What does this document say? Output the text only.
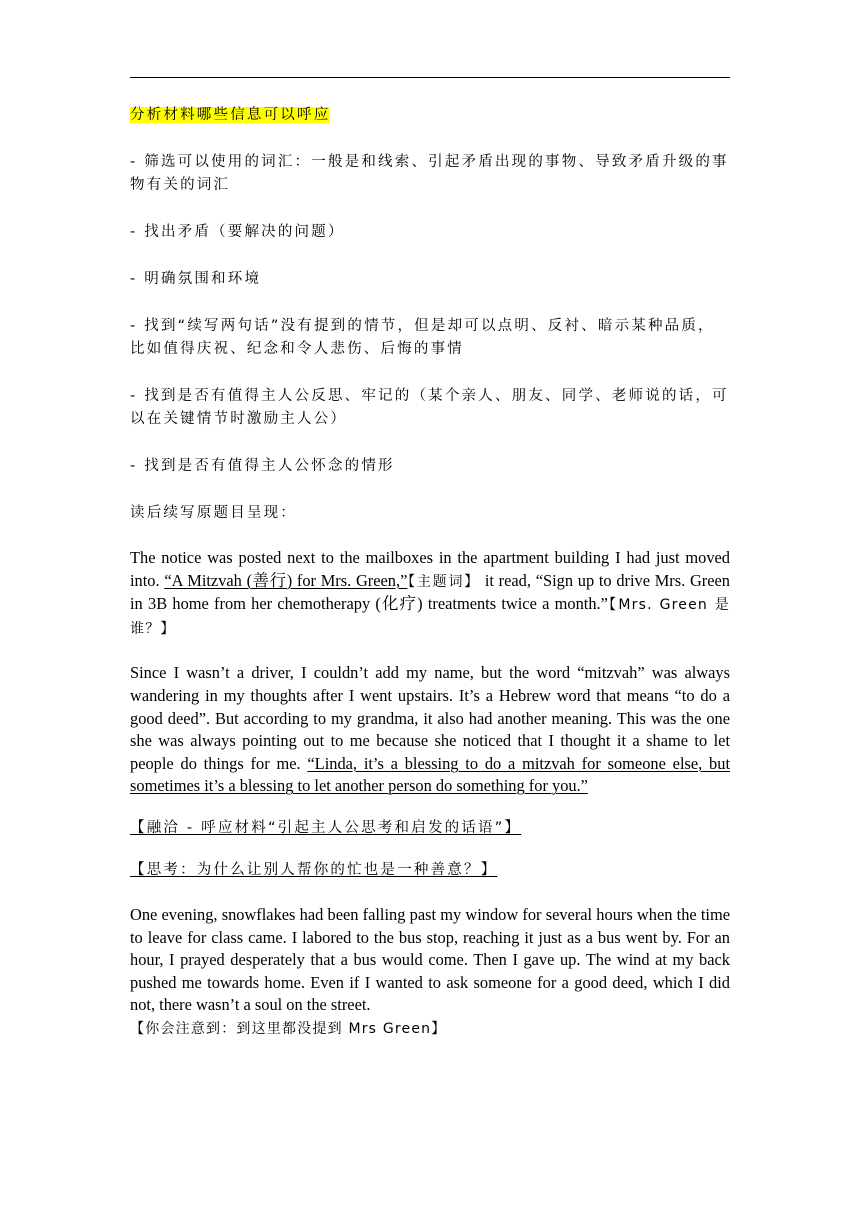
分析材料哪些信息可以呼应

- 筛选可以使用的词汇：一般是和线索、引起矛盾出现的事物、导致矛盾升级的事物有关的词汇

- 找出矛盾（要解决的问题）

- 明确氛围和环境

- 找到“续写两句话”没有提到的情节，但是却可以点明、反衬、暗示某种品质，比如值得庆祝、纪念和令人悲伤、后悔的事情

- 找到是否有值得主人公反思、牢记的（某个亲人、朋友、同学、老师说的话，可以在关键情节时激励主人公）

- 找到是否有值得主人公怀念的情形

读后续写原题目呈现：

The notice was posted next to the mailboxes in the apartment building I had just moved into. “A Mitzvah (善行) for Mrs. Green,”【主题词】 it read, “Sign up to drive Mrs. Green in 3B home from her chemotherapy (化疗) treatments twice a month.”【Mrs. Green 是谁？】

Since I wasn’t a driver, I couldn’t add my name, but the word “mitzvah” was always wandering in my thoughts after I went upstairs. It’s a Hebrew word that means “to do a good deed”. But according to my grandma, it also had another meaning. This was the one she was always pointing out to me because she noticed that I thought it a shame to let people do things for me. “Linda, it’s a blessing to do a mitzvah for someone else, but sometimes it’s a blessing to let another person do something for you.”

【融洽 - 呼应材料“引起主人公思考和启发的话语”】

【思考：为什么让别人帮你的忙也是一种善意？】

One evening, snowflakes had been falling past my window for several hours when the time to leave for class came. I labored to the bus stop, reaching it just as a bus went by. For an hour, I prayed desperately that a bus would come. Then I gave up. The wind at my back pushed me towards home. Even if I wanted to ask someone for a good deed, which I did not, there wasn’t a soul on the street.
【你会注意到：到这里都没提到 Mrs Green】
